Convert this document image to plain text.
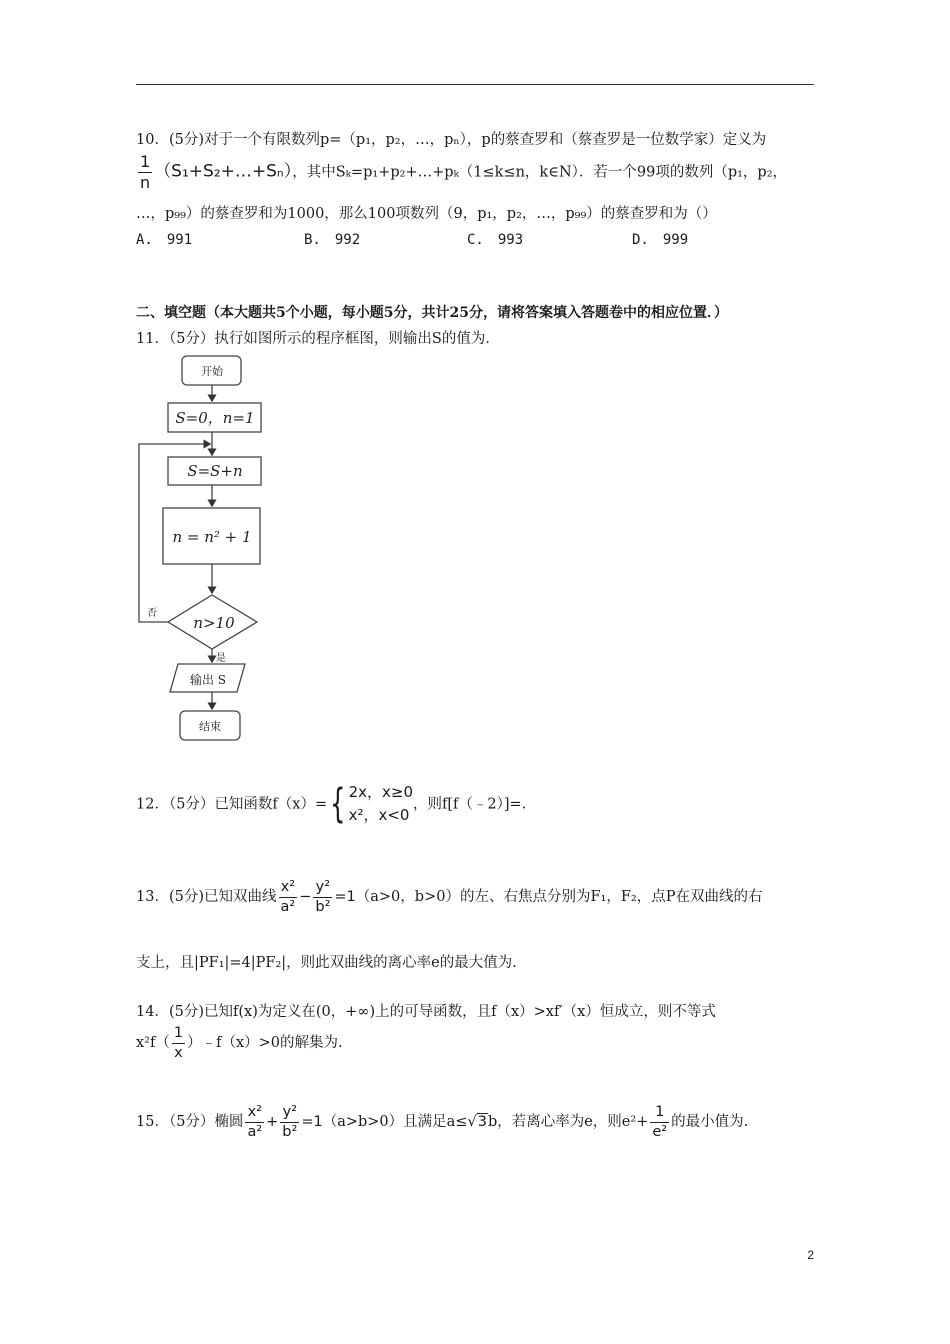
10．(5分)对于一个有限数列p=（p₁，p₂，…，pₙ），p的蔡查罗和（蔡查罗是一位数学家）定义为
$\frac{1}{n}$ （S₁+S₂+…+Sₙ），其中Sₖ=p₁+p₂+…+pₖ（1≤k≤n，k∈N）．若一个99项的数列（p₁，p₂，
…，p₉₉）的蔡查罗和为1000，那么100项数列（9，p₁，p₂，…，p₉₉）的蔡查罗和为（）
A.　991	B.　992	C.　993	D.　999
二、填空题（本大题共5个小题，每小题5分，共计25分，请将答案填入答题卷中的相应位置．）
11．（5分）执行如图所示的程序框图，则输出S的值为．
开始
S=0，n=1
S=S+n
n = n² + 1
n>10
否
是
输出 S
结束
12．（5分）已知函数f（x）={ 2x，x≥0
x²，x<0
，则f[f（﹣2）]=.
13．(5分)已知双曲线 $\frac{\text{x²}}{\text{a²}} - \frac{\text{y²}}{\text{b²}} =1(a>0$，b>0）的左、右焦点分别为F₁，F₂，点P在双曲线的右
支上，且|PF₁|=4|PF₂|，则此双曲线的离心率e的最大值为.
14．(5分)已知f(x)为定义在(0，+∞)上的可导函数，且f（x）>xf′（x）恒成立，则不等式
$x^2f( \frac{1}{x}$ ）﹣f（x）>0的解集为.
15．（5分）椭圆 $\frac{\text{x²}}{\text{a²}} + \frac{\text{y²}}{\text{b²}} =1(a>b>0)$且满足a≤√3b，若离心率为e，则$e^2+ \frac{1}{\text{e²}}$ 的最小值为.
2
